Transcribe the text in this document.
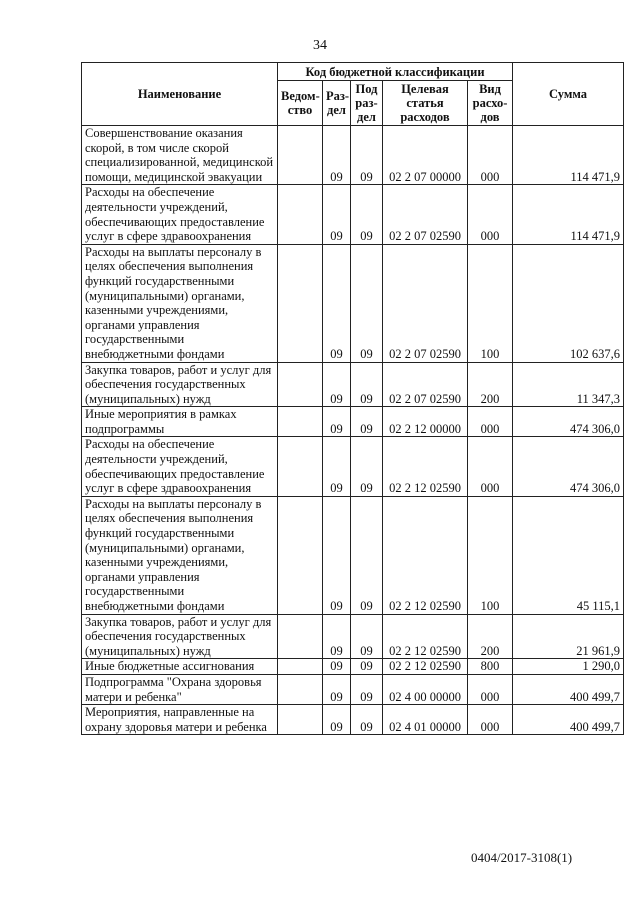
34
Наименование	Код бюджетной классификации					Сумма
	Ведом-ство	Раз-дел	Под раз-дел	Целевая статья расходов	Вид расхо-дов	
Совершенствование оказания скорой, в том числе скорой специализированной, медицинской помощи, медицинской эвакуации		09	09	02 2 07 00000	000	114 471,9
Расходы на обеспечение деятельности учреждений, обеспечивающих предоставление услуг в сфере здравоохранения		09	09	02 2 07 02590	000	114 471,9
Расходы на выплаты персоналу в целях обеспечения выполнения функций государственными (муниципальными) органами, казенными учреждениями, органами управления государственными внебюджетными фондами		09	09	02 2 07 02590	100	102 637,6
Закупка товаров, работ и услуг для обеспечения государственных (муниципальных) нужд		09	09	02 2 07 02590	200	11 347,3
Иные мероприятия в рамках подпрограммы		09	09	02 2 12 00000	000	474 306,0
Расходы на обеспечение деятельности учреждений, обеспечивающих предоставление услуг в сфере здравоохранения		09	09	02 2 12 02590	000	474 306,0
Расходы на выплаты персоналу в целях обеспечения выполнения функций государственными (муниципальными) органами, казенными учреждениями, органами управления государственными внебюджетными фондами		09	09	02 2 12 02590	100	45 115,1
Закупка товаров, работ и услуг для обеспечения государственных (муниципальных) нужд		09	09	02 2 12 02590	200	21 961,9
Иные бюджетные ассигнования		09	09	02 2 12 02590	800	1 290,0
Подпрограмма "Охрана здоровья матери и ребенка"		09	09	02 4 00 00000	000	400 499,7
Мероприятия, направленные на охрану здоровья матери и ребенка		09	09	02 4 01 00000	000	400 499,7
0404/2017-3108(1)
